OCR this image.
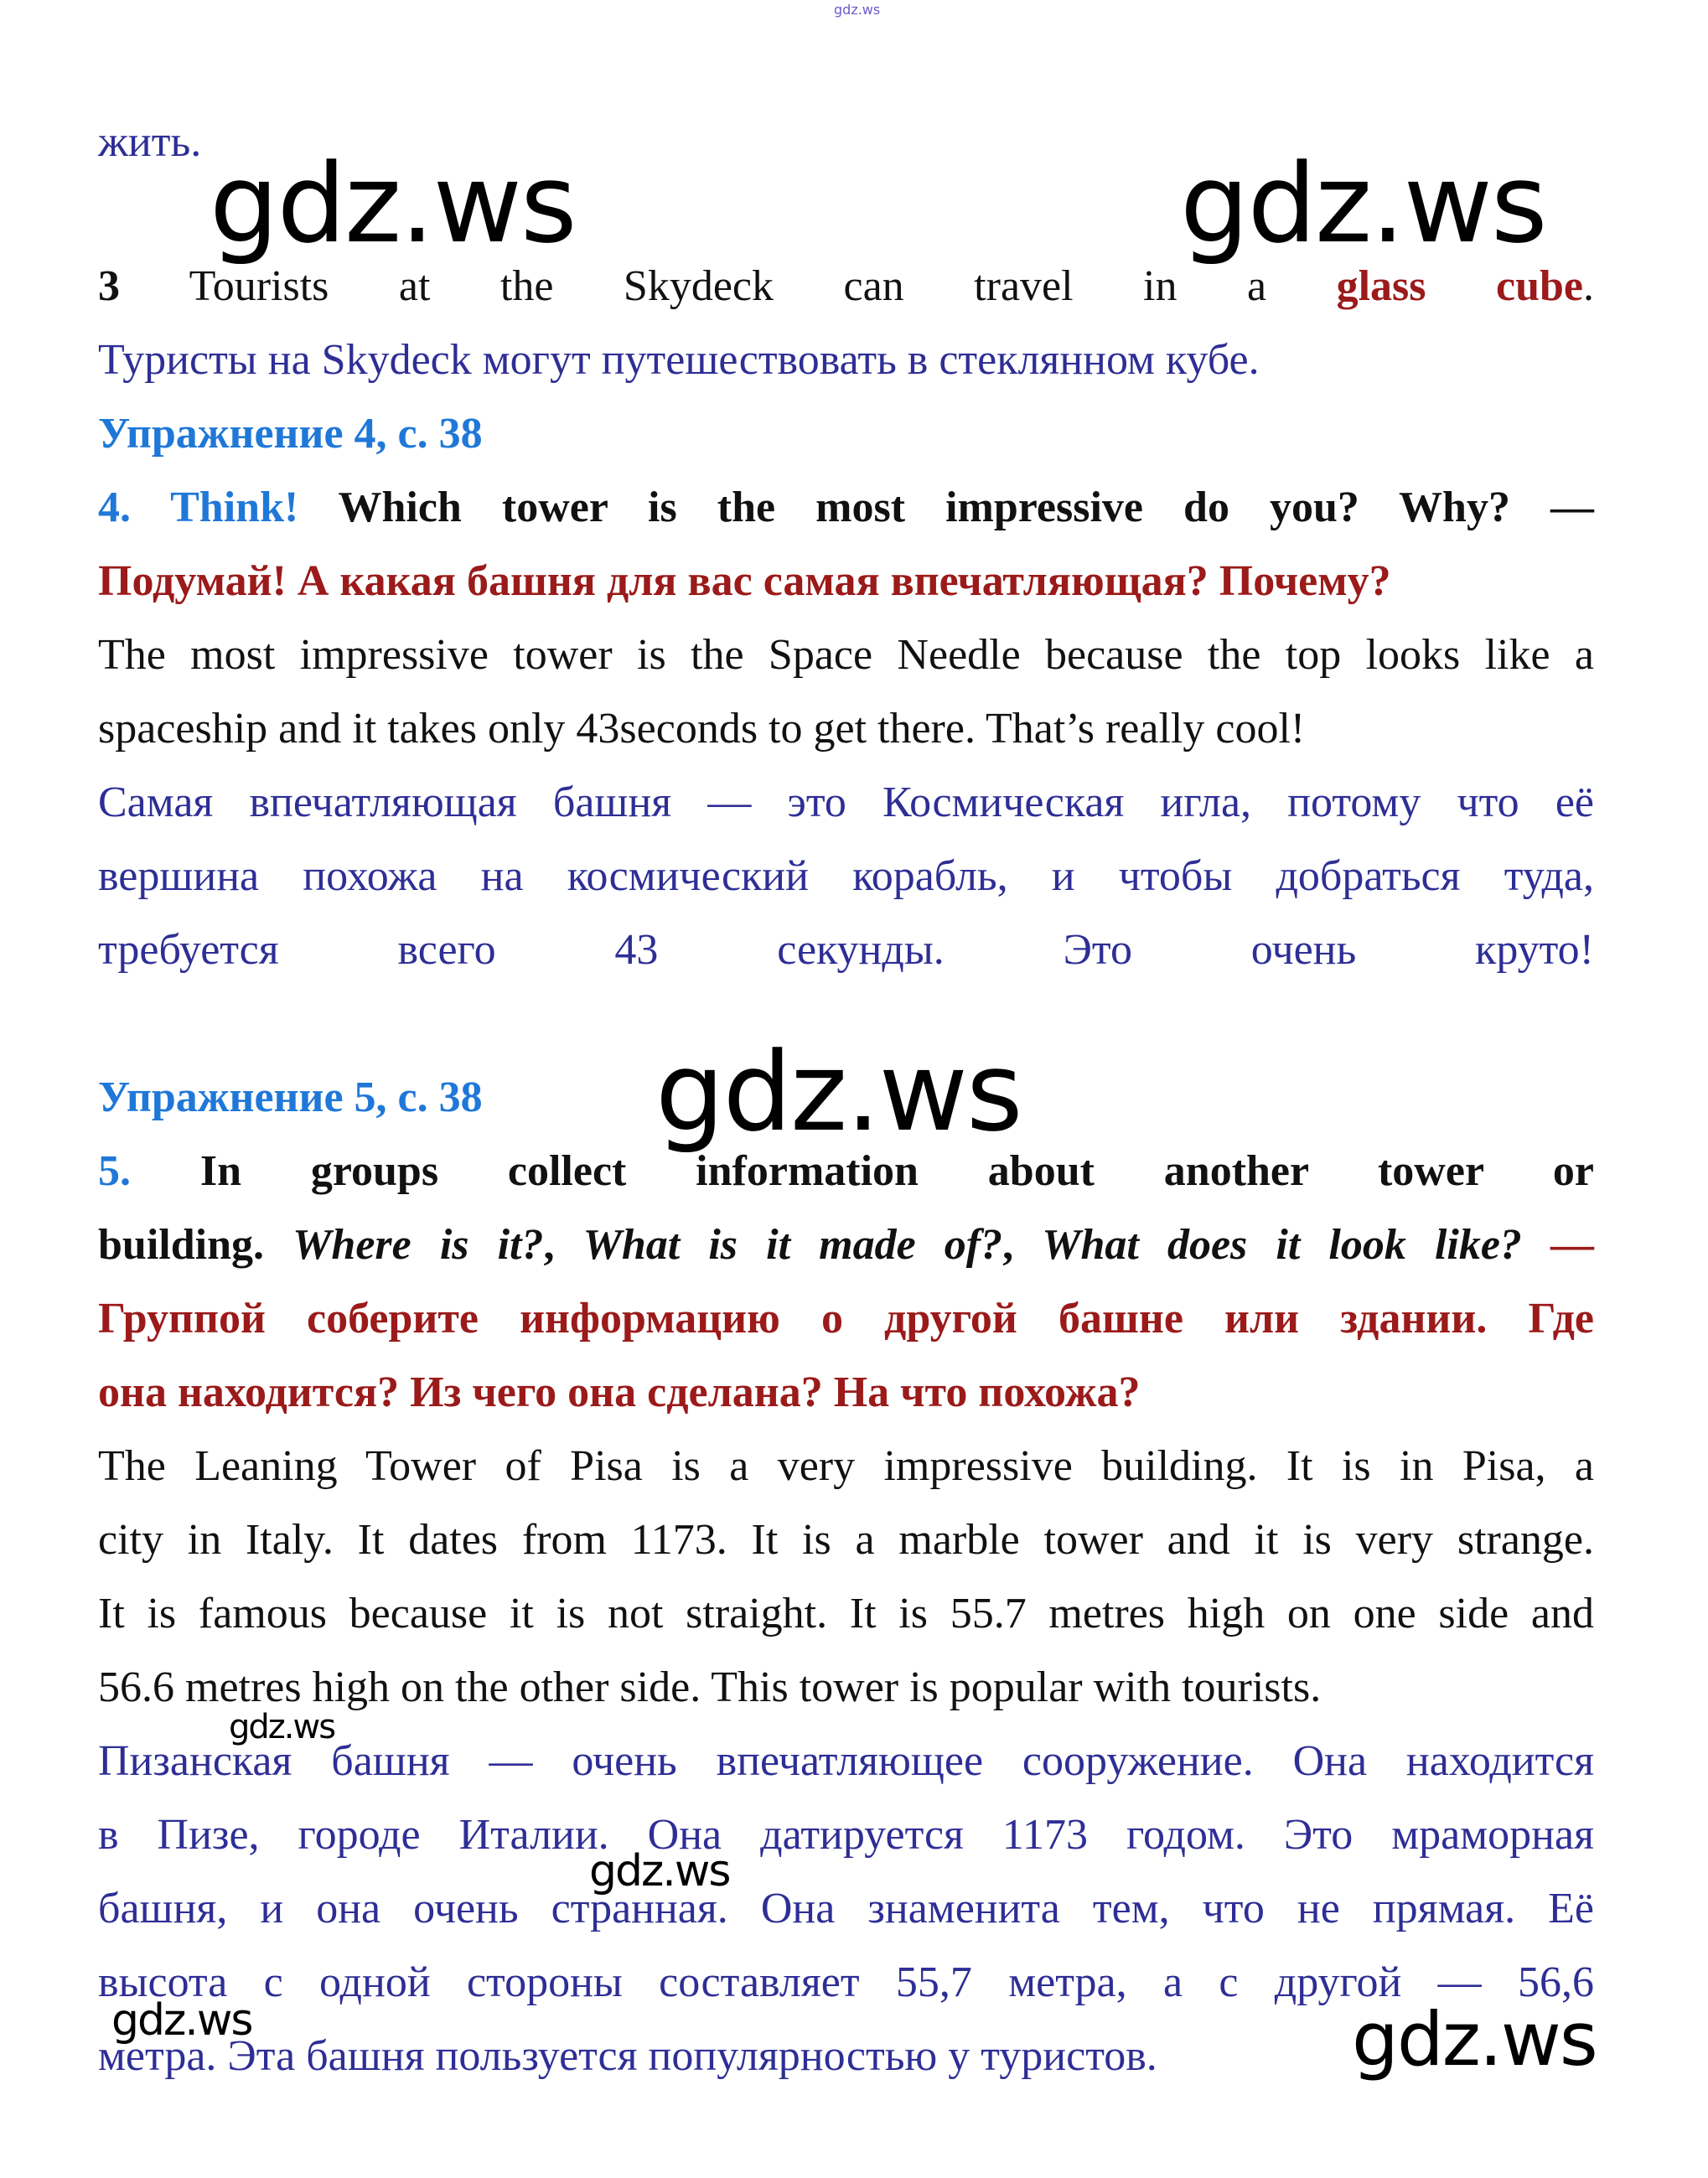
gdz.ws

жить.

3 Tourists at the Skydeck can travel in a glass cube.

Туристы на Skydeck могут путешествовать в стеклянном кубе.

Упражнение 4, с. 38

4. Think! Which tower is the most impressive do you? Why? —

Подумай! А какая башня для вас самая впечатляющая? Почему?

The most impressive tower is the Space Needle because the top looks like a

spaceship and it takes only 43seconds to get there. That’s really cool!

Самая впечатляющая башня — это Космическая игла, потому что её

вершина похожа на космический корабль, и чтобы добраться туда,

требуется всего 43 секунды. Это очень круто!

Упражнение 5, с. 38

5. In groups collect information about another tower or

building. Where is it?, What is it made of?, What does it look like? —

Группой соберите информацию о другой башне или здании. Где

она находится? Из чего она сделана? На что похожа?

The Leaning Tower of Pisa is a very impressive building. It is in Pisa, a

city in Italy. It dates from 1173. It is a marble tower and it is very strange.

It is famous because it is not straight. It is 55.7 metres high on one side and

56.6 metres high on the other side. This tower is popular with tourists.

Пизанская башня — очень впечатляющее сооружение. Она находится

в Пизе, городе Италии. Она датируется 1173 годом. Это мраморная

башня, и она очень странная. Она знаменита тем, что не прямая. Её

высота с одной стороны составляет 55,7 метра, а с другой — 56,6

метра. Эта башня пользуется популярностью у туристов.

gdz.ws	gdz.ws
gdz.ws
gdz.ws
gdz.ws
gdz.ws	gdz.ws
